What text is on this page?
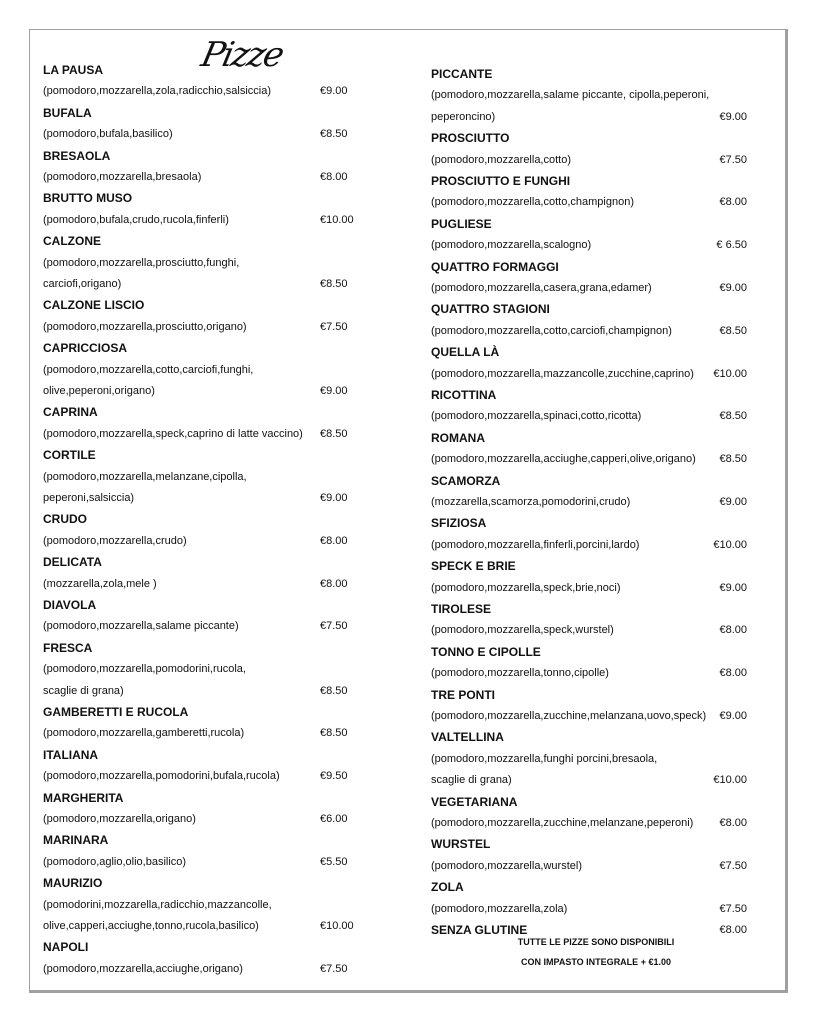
Pizze
TUTTE LE PIZZE SONO DISPONIBILI
CON IMPASTO INTEGRALE + €1.00
LA PAUSA
(pomodoro,mozzarella,zola,radicchio,salsiccia)	€9.00
BUFALA
(pomodoro,bufala,basilico)	€8.50
BRESAOLA
(pomodoro,mozzarella,bresaola)	€8.00
BRUTTO MUSO
(pomodoro,bufala,crudo,rucola,finferli)	€10.00
CALZONE
(pomodoro,mozzarella,prosciutto,funghi,
carciofi,origano)	€8.50
CALZONE LISCIO
(pomodoro,mozzarella,prosciutto,origano)	€7.50
CAPRICCIOSA
(pomodoro,mozzarella,cotto,carciofi,funghi,
olive,peperoni,origano)	€9.00
CAPRINA
(pomodoro,mozzarella,speck,caprino di latte vaccino) €8.50
CORTILE
(pomodoro,mozzarella,melanzane,cipolla,
peperoni,salsiccia)	€9.00
CRUDO
(pomodoro,mozzarella,crudo)	€8.00
DELICATA
(mozzarella,zola,mele )	€8.00
DIAVOLA
(pomodoro,mozzarella,salame piccante)	€7.50
FRESCA
(pomodoro,mozzarella,pomodorini,rucola,
scaglie di grana)	€8.50
GAMBERETTI E RUCOLA
(pomodoro,mozzarella,gamberetti,rucola)	€8.50
ITALIANA
(pomodoro,mozzarella,pomodorini,bufala,rucola)	€9.50
MARGHERITA
(pomodoro,mozzarella,origano)	€6.00
MARINARA
(pomodoro,aglio,olio,basilico)	€5.50
MAURIZIO
(pomodorini,mozzarella,radicchio,mazzancolle,
olive,capperi,acciughe,tonno,rucola,basilico)	€10.00
NAPOLI
(pomodoro,mozzarella,acciughe,origano)	€7.50
PICCANTE
(pomodoro,mozzarella,salame piccante, cipolla,peperoni,
peperoncino)	€9.00
PROSCIUTTO
(pomodoro,mozzarella,cotto)	€7.50
PROSCIUTTO E FUNGHI
(pomodoro,mozzarella,cotto,champignon)	€8.00
PUGLIESE
(pomodoro,mozzarella,scalogno)	€ 6.50
QUATTRO FORMAGGI
(pomodoro,mozzarella,casera,grana,edamer)	€9.00
QUATTRO STAGIONI
(pomodoro,mozzarella,cotto,carciofi,champignon)	€8.50
QUELLA LÀ
(pomodoro,mozzarella,mazzancolle,zucchine,caprino) €10.00
RICOTTINA
(pomodoro,mozzarella,spinaci,cotto,ricotta)	€8.50
ROMANA
(pomodoro,mozzarella,acciughe,capperi,olive,origano) €8.50
SCAMORZA
(mozzarella,scamorza,pomodorini,crudo)	€9.00
SFIZIOSA
(pomodoro,mozzarella,finferli,porcini,lardo)	€10.00
SPECK E BRIE
(pomodoro,mozzarella,speck,brie,noci)	€9.00
TIROLESE
(pomodoro,mozzarella,speck,wurstel)	€8.00
TONNO E CIPOLLE
(pomodoro,mozzarella,tonno,cipolle)	€8.00
TRE PONTI
(pomodoro,mozzarella,zucchine,melanzana,uovo,speck) €9.00
VALTELLINA
(pomodoro,mozzarella,funghi porcini,bresaola,
scaglie di grana)	€10.00
VEGETARIANA
(pomodoro,mozzarella,zucchine,melanzane,peperoni) €8.00
WURSTEL
(pomodoro,mozzarella,wurstel)	€7.50
ZOLA
(pomodoro,mozzarella,zola)	€7.50
SENZA GLUTINE	€8.00
